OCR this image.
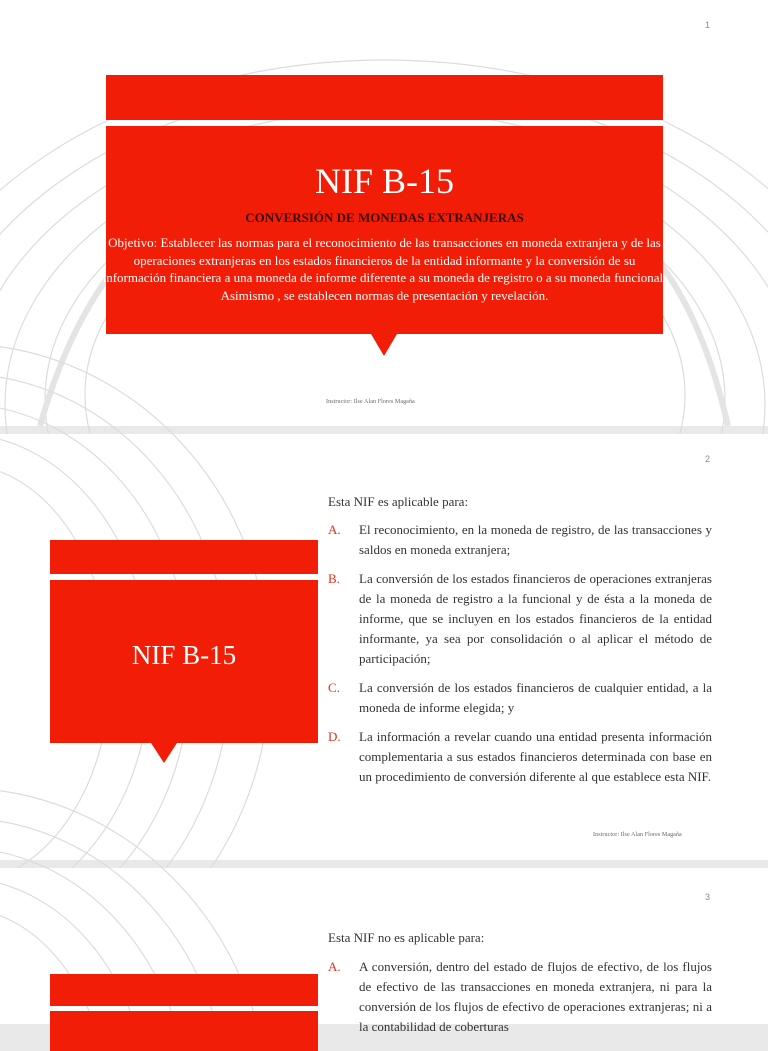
1
NIF B-15
CONVERSIÓN DE MONEDAS EXTRANJERAS
Objetivo: Establecer las normas para el reconocimiento de las transacciones en moneda extranjera y de las operaciones extranjeras en los estados financieros de la entidad informante y la conversión de su información financiera a una moneda de informe diferente a su moneda de registro o a su moneda funcional. Asimismo , se establecen normas de presentación y revelación.
Instructor: Ilse Alan Flores Magaña
2
NIF B-15
Esta NIF es aplicable para:
A. El reconocimiento, en la moneda de registro, de las transacciones y saldos en moneda extranjera;
B. La conversión de los estados financieros de operaciones extranjeras de la moneda de registro a la funcional y de ésta a la moneda de informe, que se incluyen en los estados financieros de la entidad informante, ya sea por consolidación o al aplicar el método de participación;
C. La conversión de los estados financieros de cualquier entidad, a la moneda de informe elegida; y
D. La información a revelar cuando una entidad presenta información complementaria a sus estados financieros determinada con base en un procedimiento de conversión diferente al que establece esta NIF.
Instructor: Ilse Alan Flores Magaña
3
Esta NIF no es aplicable para:
A. A conversión, dentro del estado de flujos de efectivo, de los flujos de efectivo de las transacciones en moneda extranjera, ni para la conversión de los flujos de efectivo de operaciones extranjeras; ni a la contabilidad de coberturas
